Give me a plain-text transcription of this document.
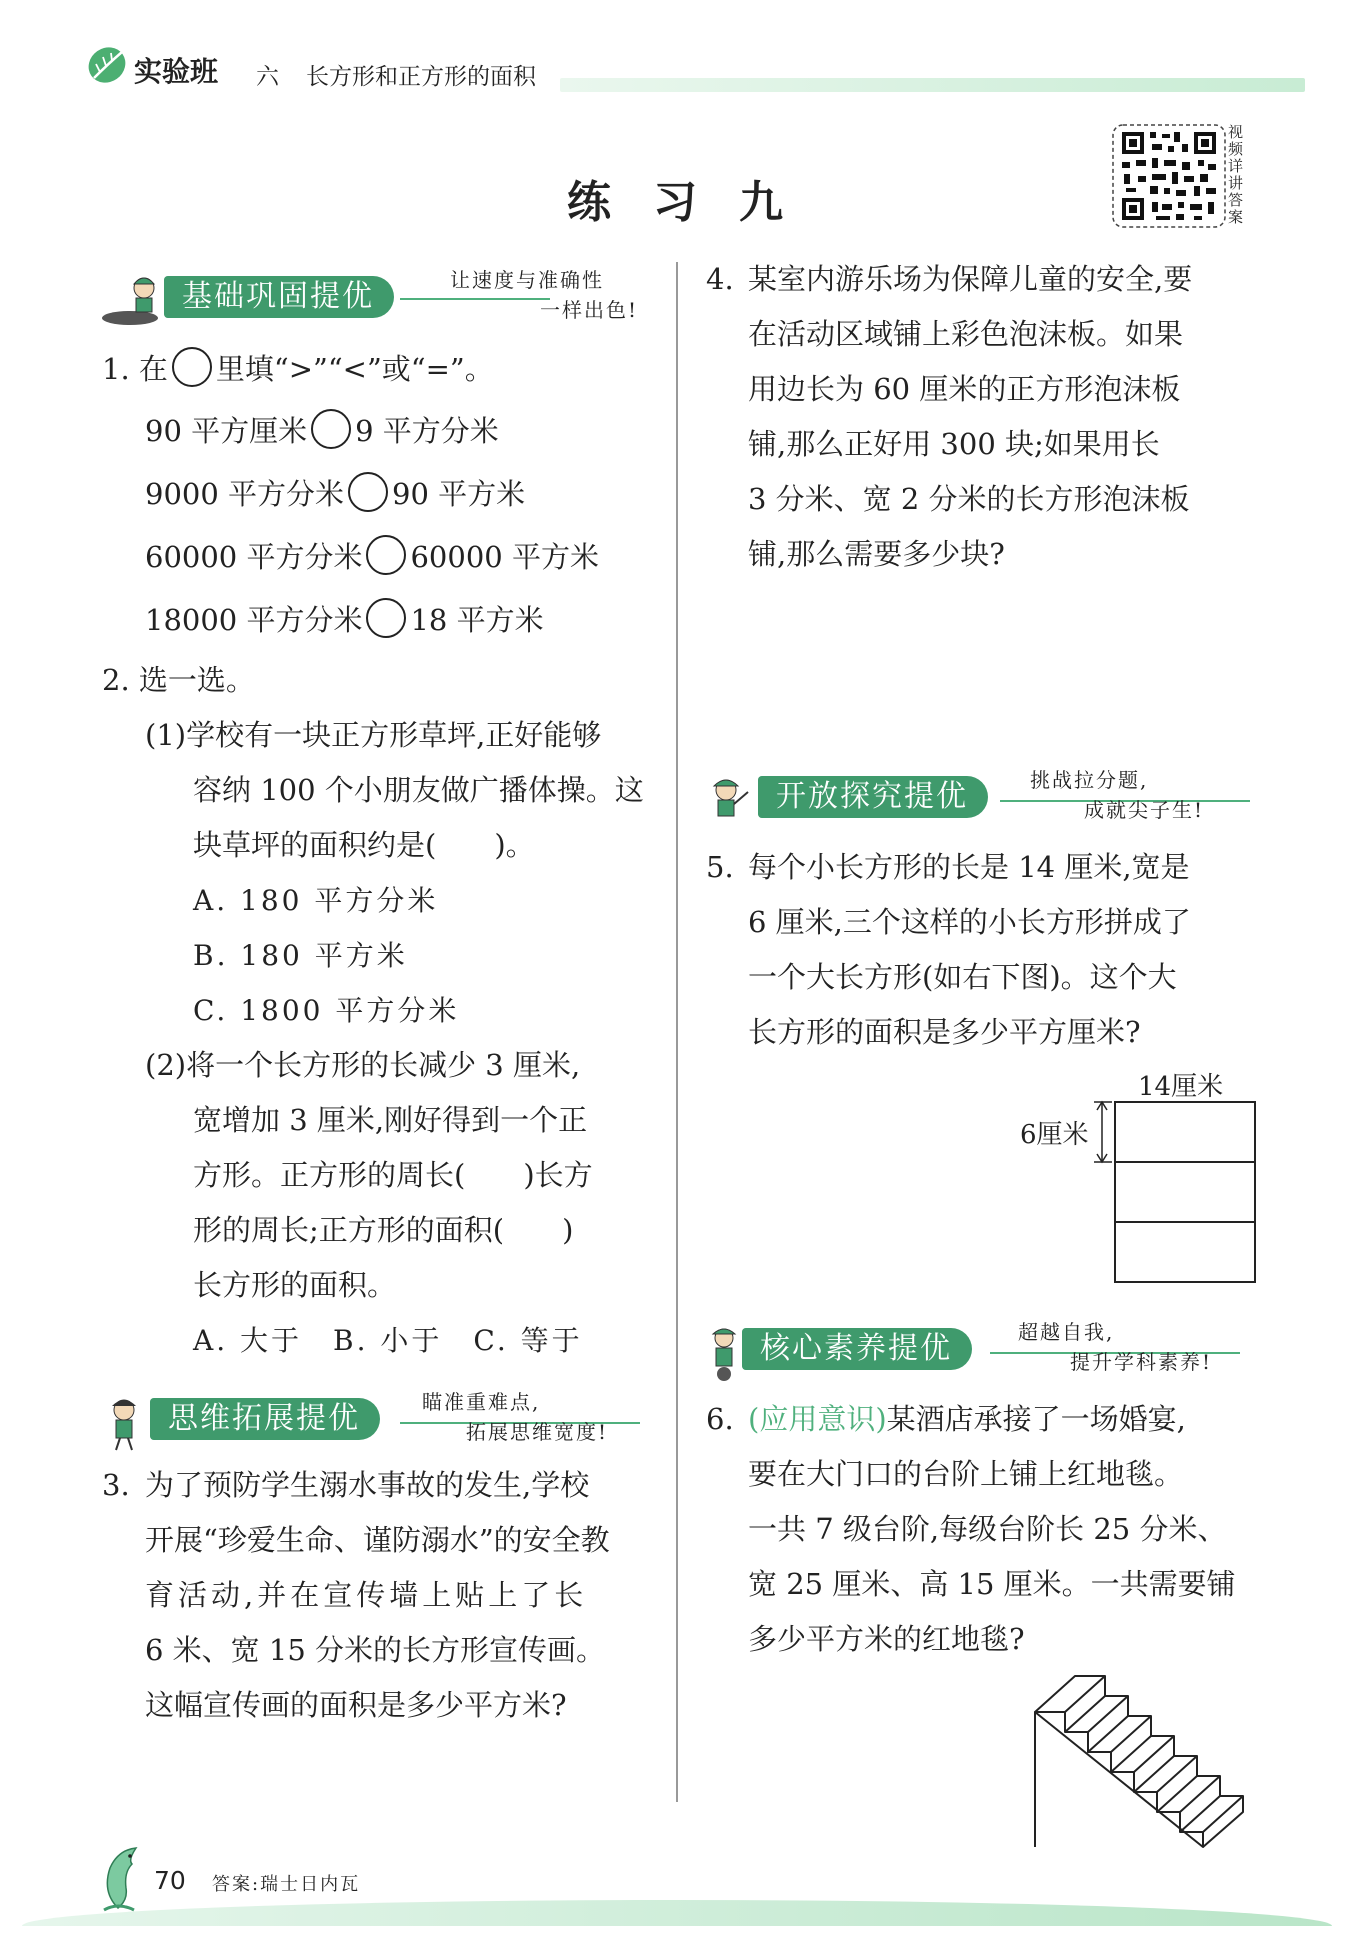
实验班 六 长方形和正方形的面积
练习九
视频详讲答案
基础巩固提优	让速度与准确性
一样出色!
1. 在 里填“>”“<”或“=”。
90 平方厘米 9 平方分米
9000 平方分米 90 平方米
60000 平方分米 60000 平方米
18000 平方分米 18 平方米
2. 选一选。
(1)学校有一块正方形草坪,正好能够
容纳 100 个小朋友做广播体操。这
块草坪的面积约是(　　)。
A. 180 平方分米
B. 180 平方米
C. 1800 平方分米
(2)将一个长方形的长减少 3 厘米,
宽增加 3 厘米,刚好得到一个正
方形。正方形的周长(　　)长方
形的周长;正方形的面积(　　)
长方形的面积。
A. 大于　B. 小于　C. 等于
思维拓展提优	瞄准重难点,
拓展思维宽度!
3. 为了预防学生溺水事故的发生,学校
开展“珍爱生命、谨防溺水”的安全教
育活动,并在宣传墙上贴上了长
6 米、宽 15 分米的长方形宣传画。
这幅宣传画的面积是多少平方米?
4. 某室内游乐场为保障儿童的安全,要
在活动区域铺上彩色泡沫板。如果
用边长为 60 厘米的正方形泡沫板
铺,那么正好用 300 块;如果用长
3 分米、宽 2 分米的长方形泡沫板
铺,那么需要多少块?
开放探究提优	挑战拉分题,
成就尖子生!
5. 每个小长方形的长是 14 厘米,宽是
6 厘米,三个这样的小长方形拼成了
一个大长方形(如右下图)。这个大
长方形的面积是多少平方厘米?
14厘米
6厘米
核心素养提优	超越自我,
提升学科素养!
6. (应用意识)某酒店承接了一场婚宴,
要在大门口的台阶上铺上红地毯。
一共 7 级台阶,每级台阶长 25 分米、
宽 25 厘米、高 15 厘米。一共需要铺
多少平方米的红地毯?
70 答案:瑞士日内瓦
